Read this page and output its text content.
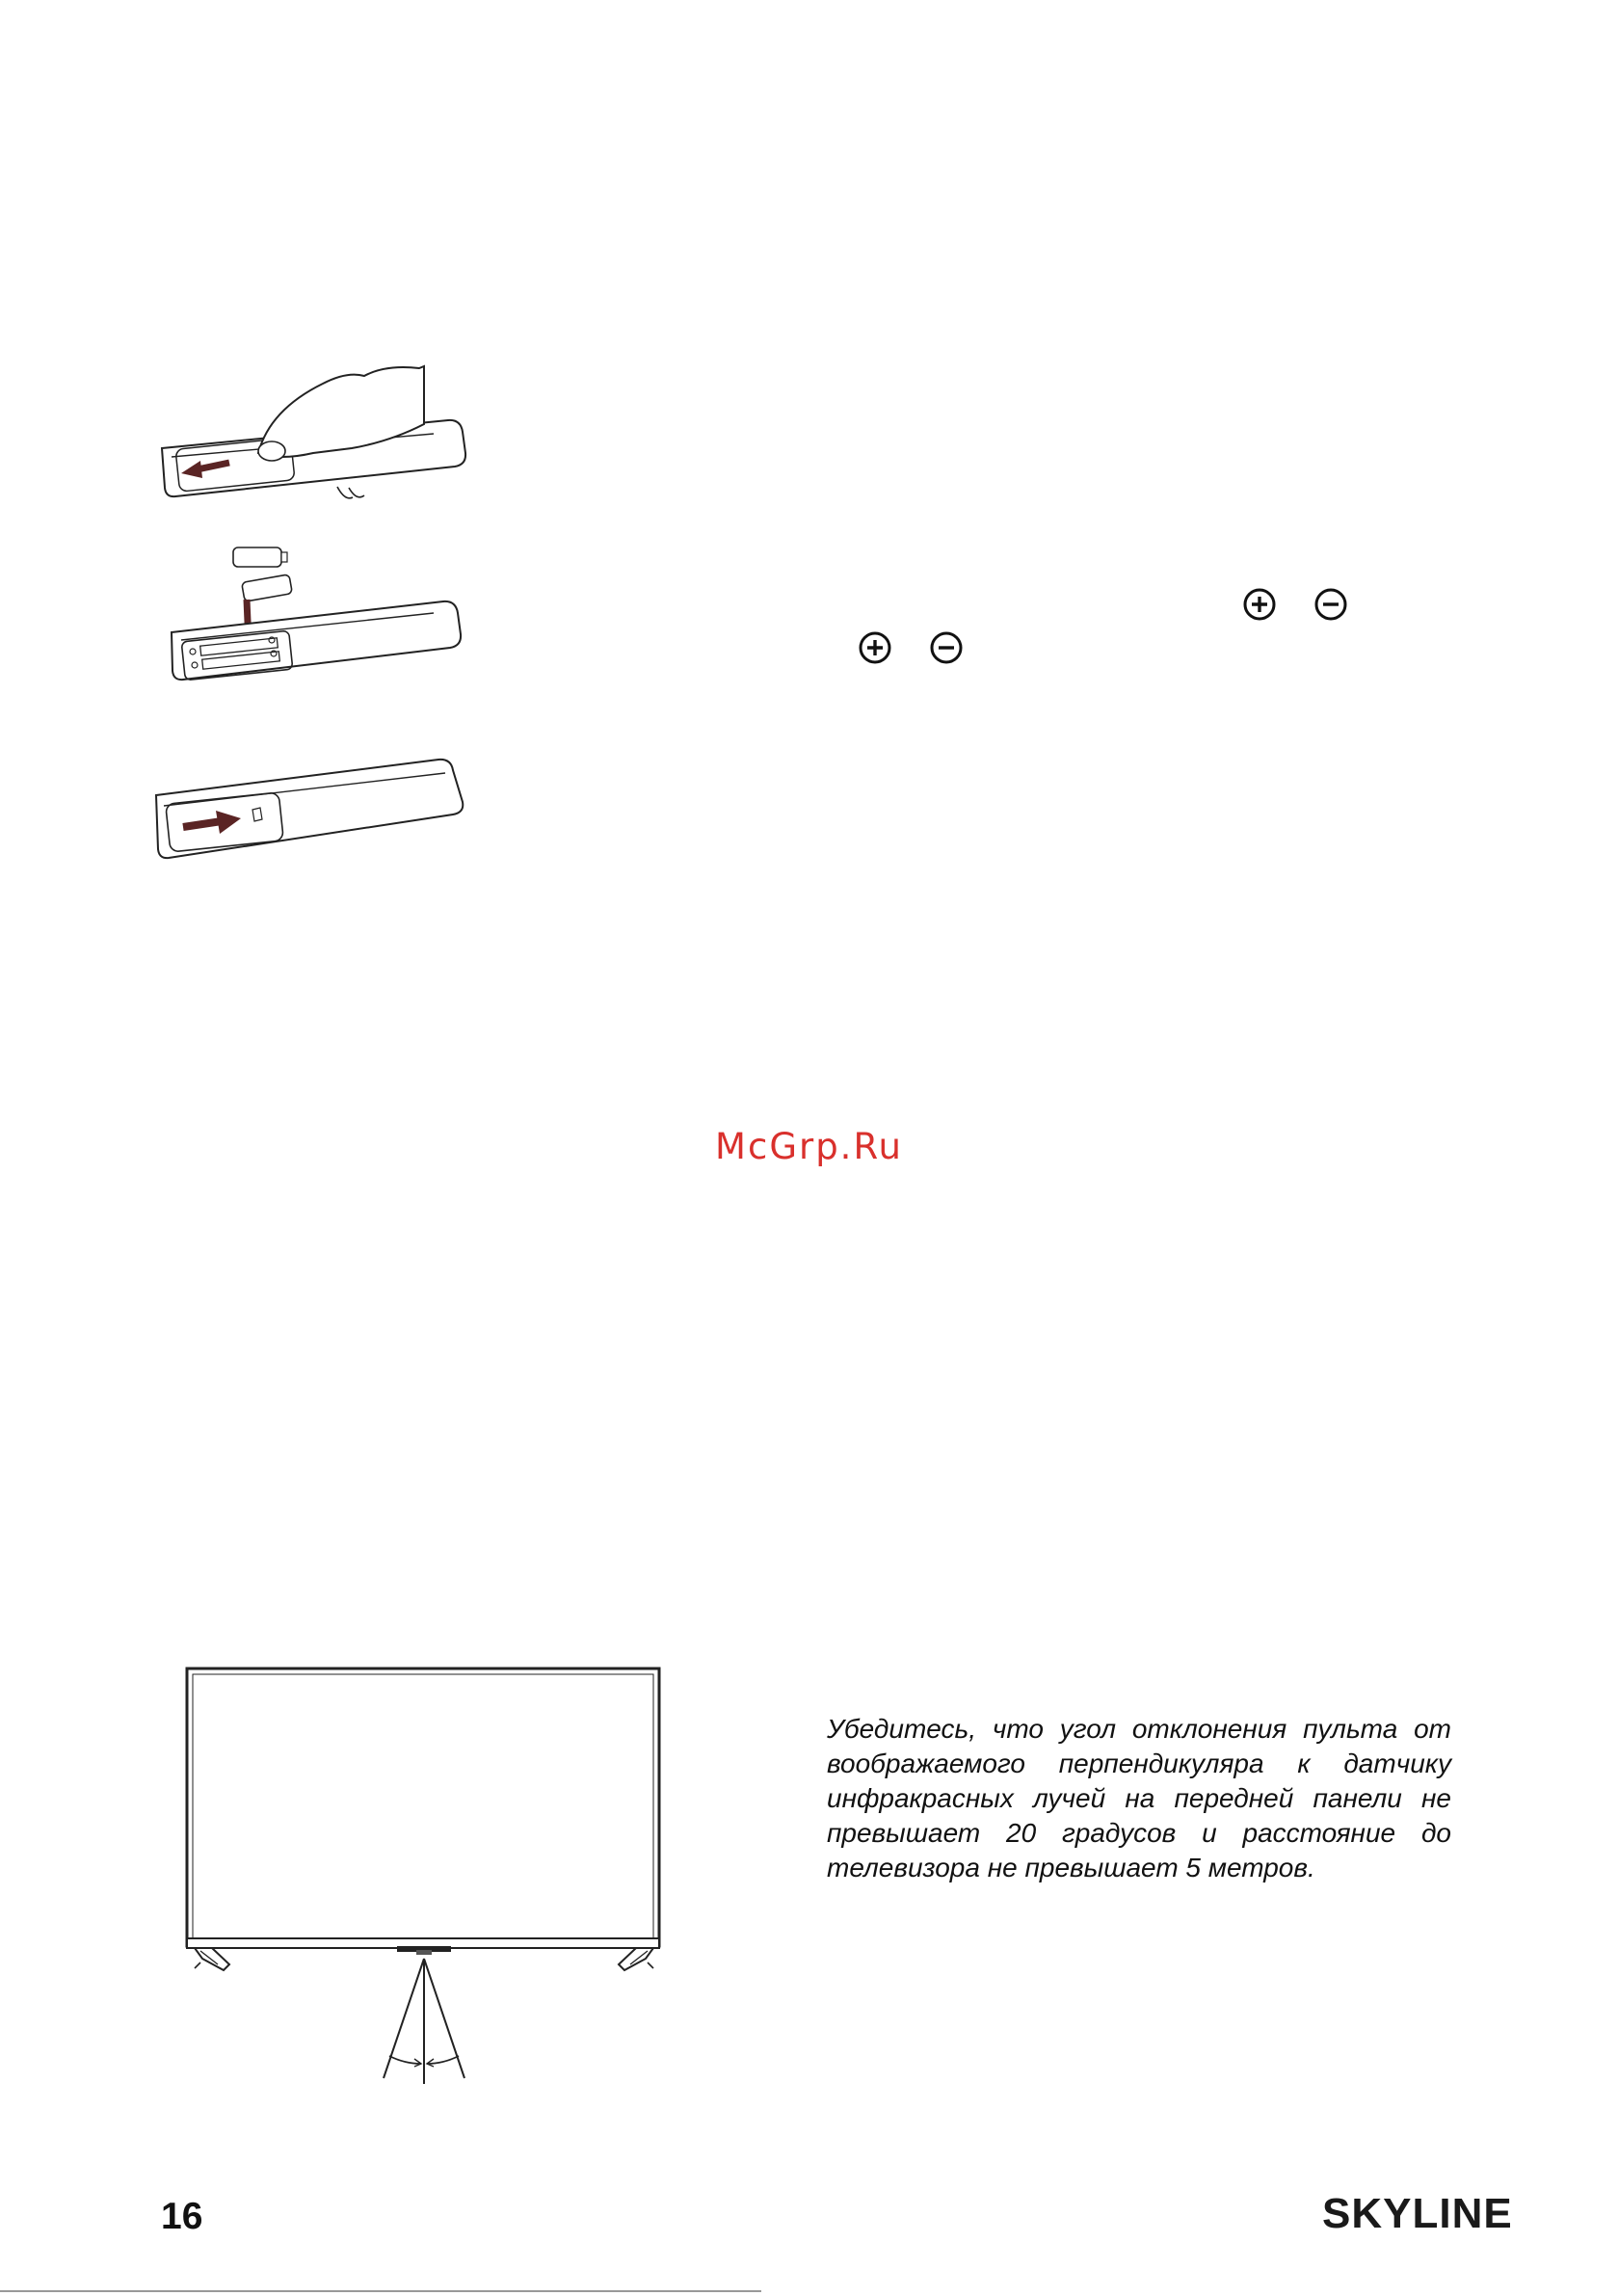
McGrp.Ru
Убедитесь, что угол отклонения пульта от воображаемого перпендикуляра к датчику инфракрасных лучей на передней панели не превышает 20 градусов и расстояние до телевизора не превышает 5 метров.
16	SKYLINE
